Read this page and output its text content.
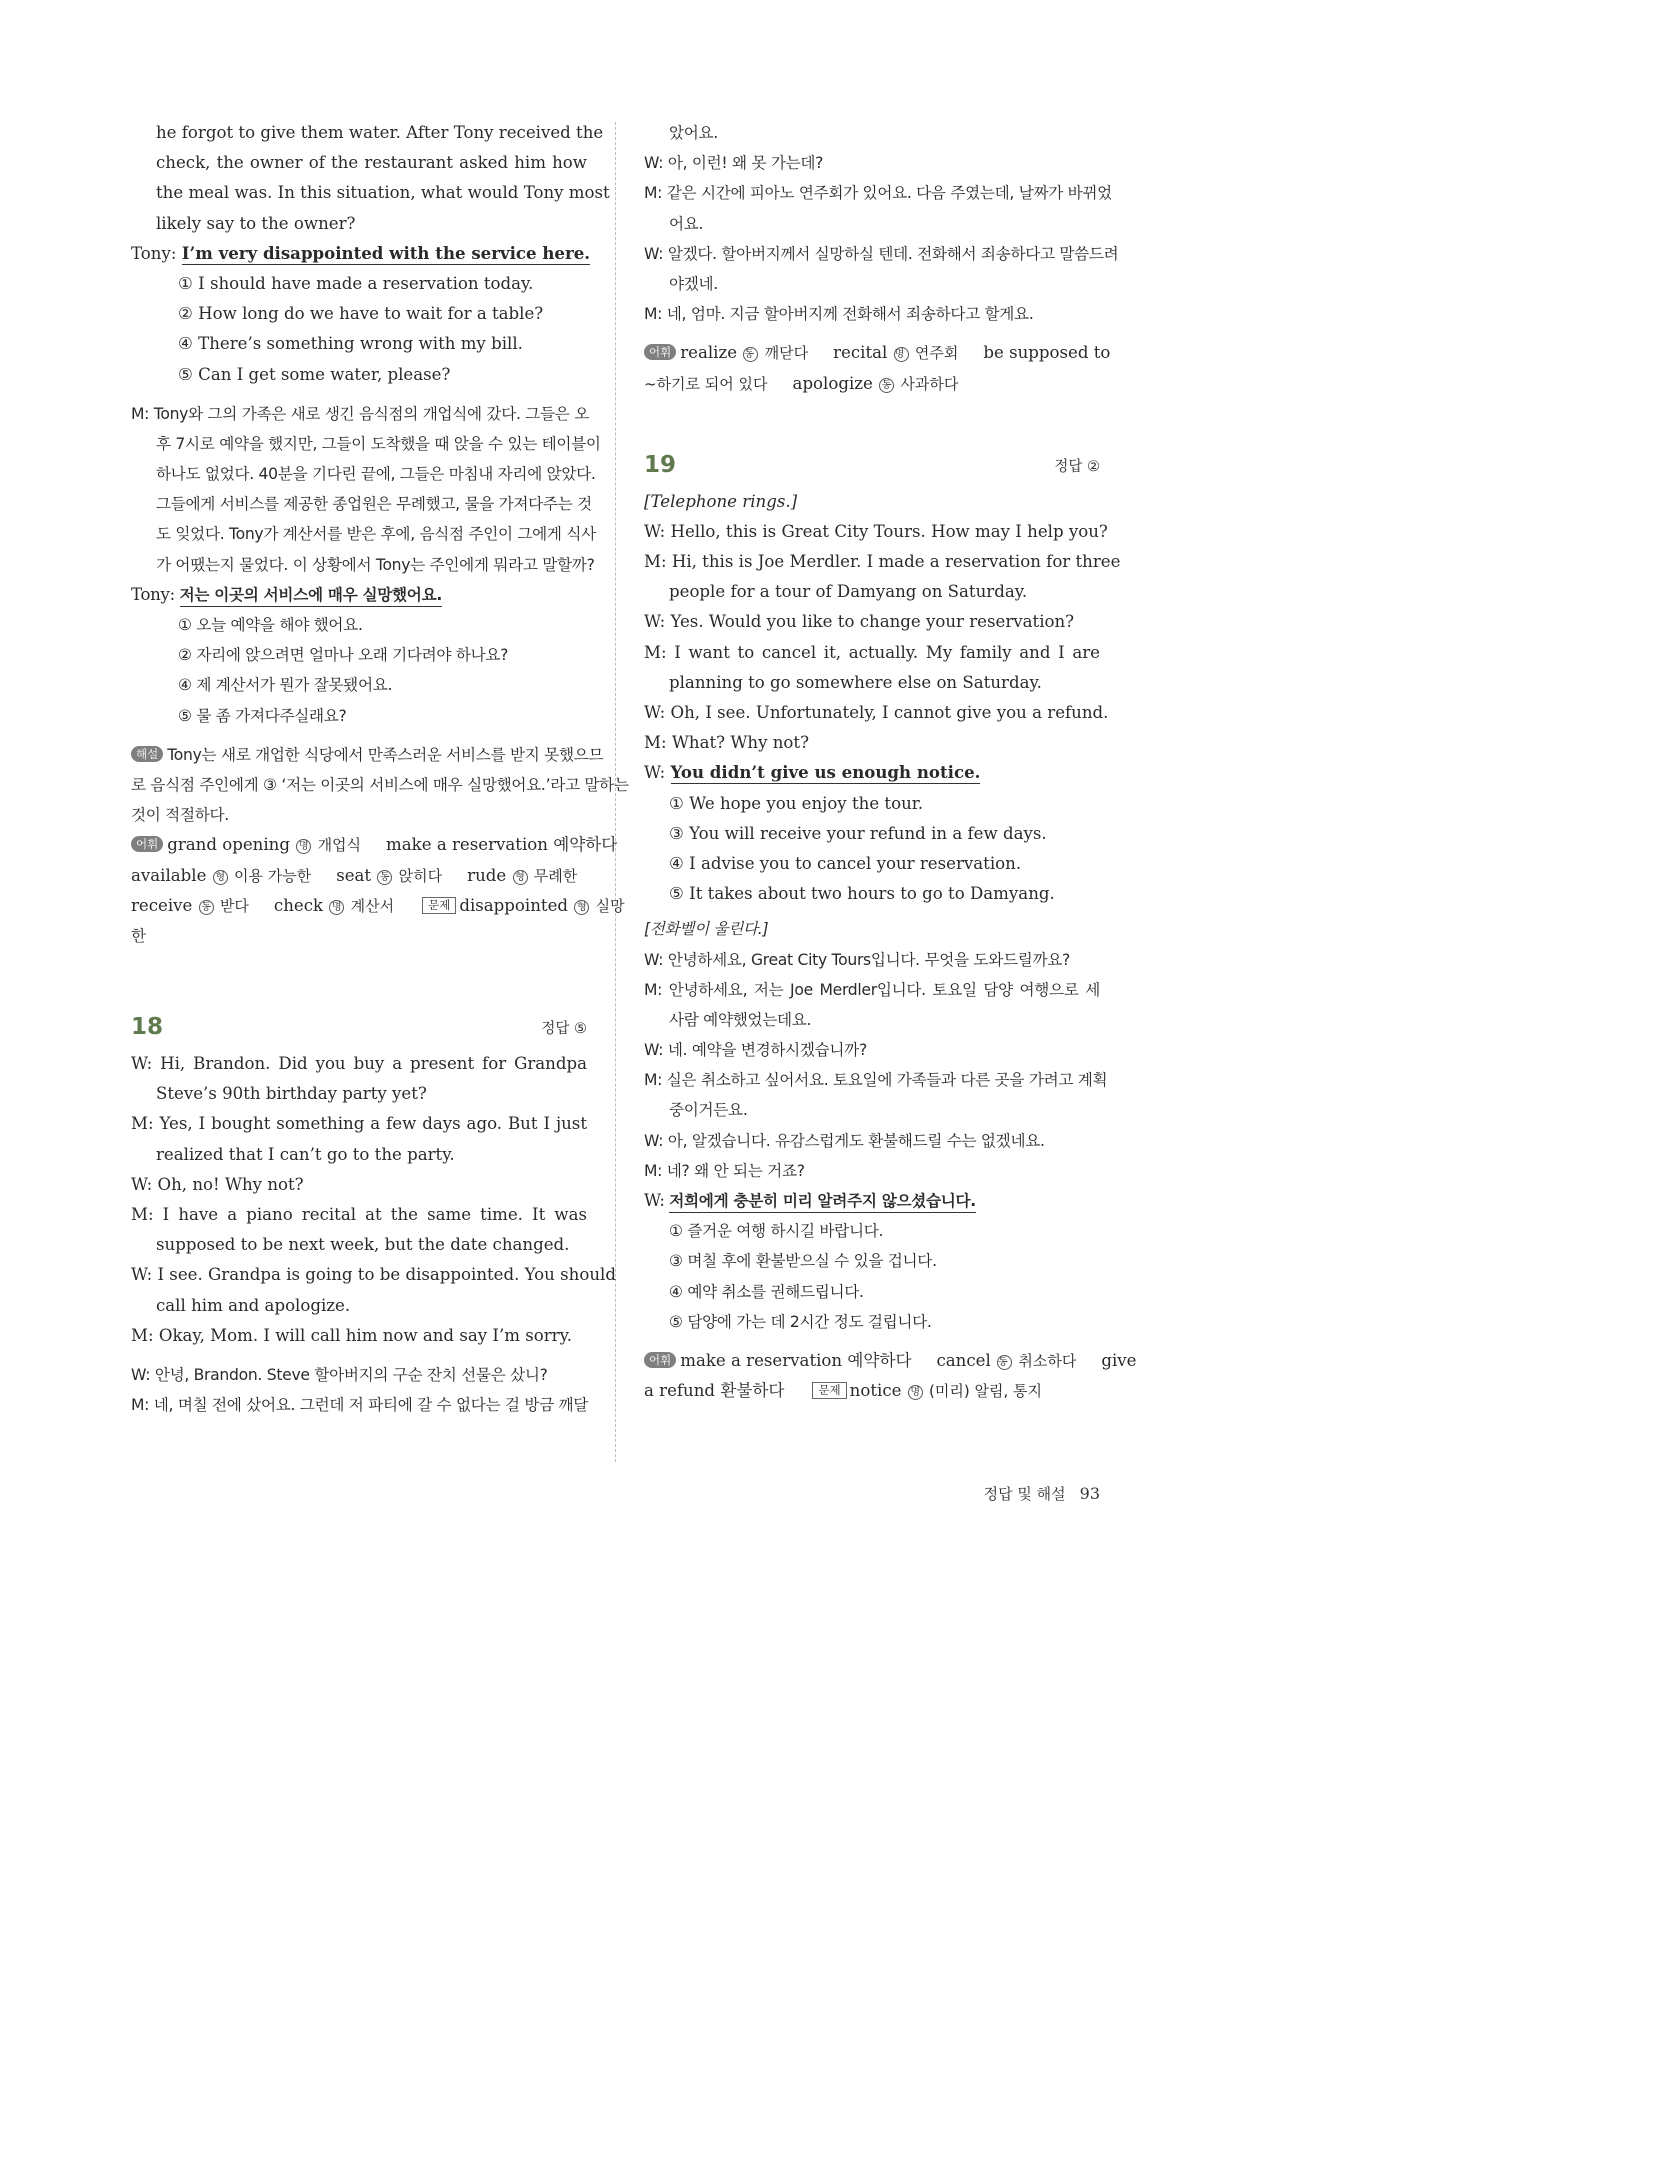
he forgot to give them water. After Tony received the
check, the owner of the restaurant asked him how
the meal was. In this situation, what would Tony most
likely say to the owner?
Tony: I’m very disappointed with the service here.
① I should have made a reservation today.
② How long do we have to wait for a table?
④ There’s something wrong with my bill.
⑤ Can I get some water, please?
M: Tony와 그의 가족은 새로 생긴 음식점의 개업식에 갔다. 그들은 오
후 7시로 예약을 했지만, 그들이 도착했을 때 앉을 수 있는 테이블이
하나도 없었다. 40분을 기다린 끝에, 그들은 마침내 자리에 앉았다.
그들에게 서비스를 제공한 종업원은 무례했고, 물을 가져다주는 것
도 잊었다. Tony가 계산서를 받은 후에, 음식점 주인이 그에게 식사
가 어땠는지 물었다. 이 상황에서 Tony는 주인에게 뭐라고 말할까?
Tony: 저는 이곳의 서비스에 매우 실망했어요.
① 오늘 예약을 해야 했어요.
② 자리에 앉으려면 얼마나 오래 기다려야 하나요?
④ 제 계산서가 뭔가 잘못됐어요.
⑤ 물 좀 가져다주실래요?
해설 Tony는 새로 개업한 식당에서 만족스러운 서비스를 받지 못했으므
로 음식점 주인에게 ③ ‘저는 이곳의 서비스에 매우 실망했어요.’라고 말하는
것이 적절하다.
어휘 grand opening 명 개업식 make a reservation 예약하다
available 형 이용 가능한 seat 동 앉히다 rude 형 무례한
receive 동 받다 check 명 계산서	문제 disappointed 형 실망
한
18	정답 ⑤
W: Hi, Brandon. Did you buy a present for Grandpa
Steve’s 90th birthday party yet?
M: Yes, I bought something a few days ago. But I just
realized that I can’t go to the party.
W: Oh, no! Why not?
M: I have a piano recital at the same time. It was
supposed to be next week, but the date changed.
W: I see. Grandpa is going to be disappointed. You should
call him and apologize.
M: Okay, Mom. I will call him now and say I’m sorry.
W: 안녕, Brandon. Steve 할아버지의 구순 잔치 선물은 샀니?
M: 네, 며칠 전에 샀어요. 그런데 저 파티에 갈 수 없다는 걸 방금 깨달
았어요.
W: 아, 이런! 왜 못 가는데?
M: 같은 시간에 피아노 연주회가 있어요. 다음 주였는데, 날짜가 바뀌었
어요.
W: 알겠다. 할아버지께서 실망하실 텐데. 전화해서 죄송하다고 말씀드려
야겠네.
M: 네, 엄마. 지금 할아버지께 전화해서 죄송하다고 할게요.
어휘 realize 동 깨닫다 recital 명 연주회 be supposed to
~하기로 되어 있다 apologize 동 사과하다
19	정답 ②
[Telephone rings.]
W: Hello, this is Great City Tours. How may I help you?
M: Hi, this is Joe Merdler. I made a reservation for three
people for a tour of Damyang on Saturday.
W: Yes. Would you like to change your reservation?
M: I want to cancel it, actually. My family and I are
planning to go somewhere else on Saturday.
W: Oh, I see. Unfortunately, I cannot give you a refund.
M: What? Why not?
W: You didn’t give us enough notice.
① We hope you enjoy the tour.
③ You will receive your refund in a few days.
④ I advise you to cancel your reservation.
⑤ It takes about two hours to go to Damyang.
[전화벨이 울린다.]
W: 안녕하세요, Great City Tours입니다. 무엇을 도와드릴까요?
M: 안녕하세요, 저는 Joe Merdler입니다. 토요일 담양 여행으로 세
사람 예약했었는데요.
W: 네. 예약을 변경하시겠습니까?
M: 실은 취소하고 싶어서요. 토요일에 가족들과 다른 곳을 가려고 계획
중이거든요.
W: 아, 알겠습니다. 유감스럽게도 환불해드릴 수는 없겠네요.
M: 네? 왜 안 되는 거죠?
W: 저희에게 충분히 미리 알려주지 않으셨습니다.
① 즐거운 여행 하시길 바랍니다.
③ 며칠 후에 환불받으실 수 있을 겁니다.
④ 예약 취소를 권해드립니다.
⑤ 담양에 가는 데 2시간 정도 걸립니다.
어휘 make a reservation 예약하다 cancel 동 취소하다 give
a refund 환불하다	문제 notice 명 (미리) 알림, 통지
정답 및 해설 93
